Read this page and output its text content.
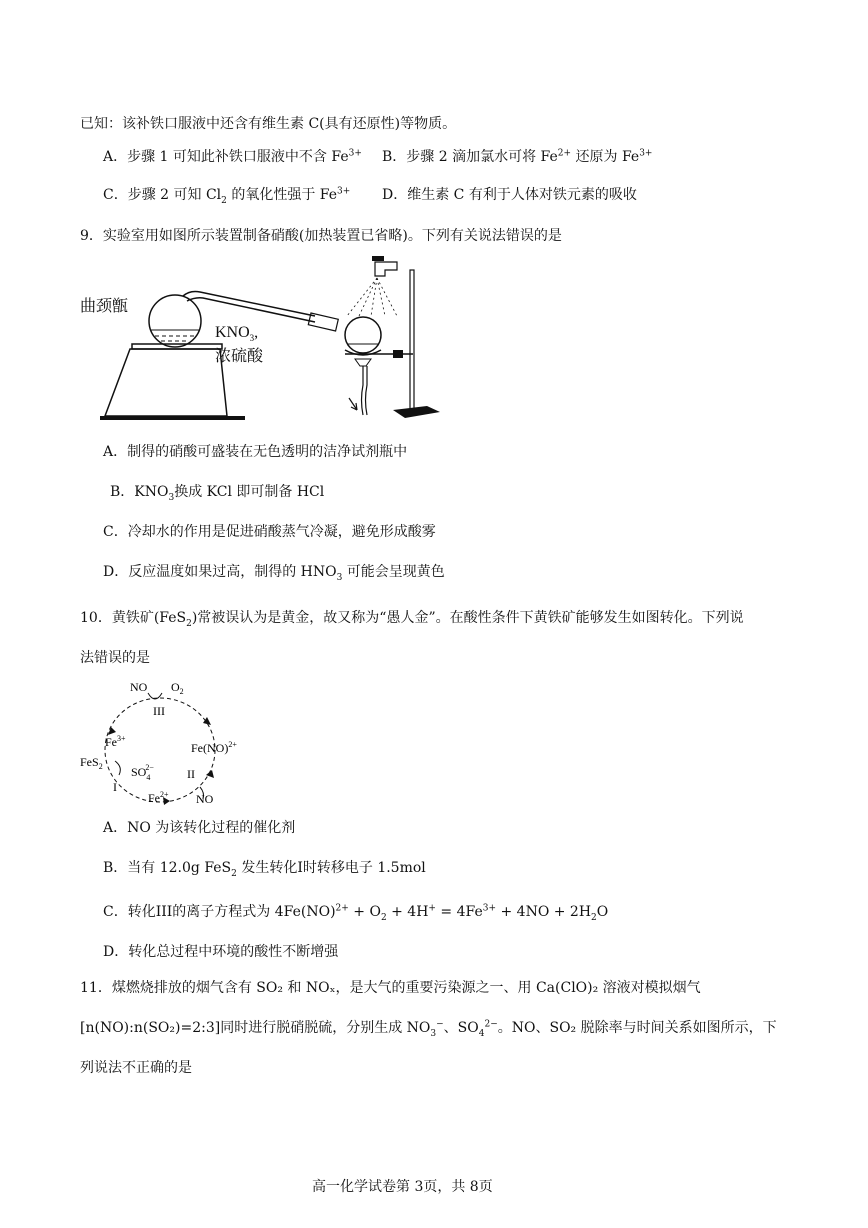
已知：该补铁口服液中还含有维生素 C(具有还原性)等物质。
A．步骤 1 可知此补铁口服液中不含 $Fe^{3+}$ B．步骤 2 滴加氯水可将 $Fe^{2+}$ 还原为 $Fe^{3+}$
C．步骤 2 可知 $Cl_2$ 的氧化性强于 $Fe^{3+}$ D．维生素 C 有利于人体对铁元素的吸收
9．实验室用如图所示装置制备硝酸(加热装置已省略)。下列有关说法错误的是
曲颈甑
$KNO_3$,
浓硫酸
A．制得的硝酸可盛装在无色透明的洁净试剂瓶中
B．$KNO_3$换成 KCl 即可制备 HCl
C．冷却水的作用是促进硝酸蒸气冷凝，避免形成酸雾
D．反应温度如果过高，制得的 $HNO_3$ 可能会呈现黄色
10．黄铁矿(FeS$_2$)常被误认为是黄金，故又称为“愚人金”。在酸性条件下黄铁矿能够发生如图转化。下列说
法错误的是
NO $O_2$
III
$Fe^{3+}$
Fe(NO)$^{2+}$
FeS$_2$ $SO_42-$	II
I
$Fe^{2+}$ NO
A．NO 为该转化过程的催化剂
B．当有 12.0g FeS$_2$ 发生转化I时转移电子 1.5mol
C．转化III的离子方程式为 $4Fe(NO)^{2+} + O_2 + 4H^+ = 4Fe^{3+} + 4NO + 2H_2O$
D．转化总过程中环境的酸性不断增强
11．煤燃烧排放的烟气含有 SO₂ 和 NOₓ，是大气的重要污染源之一、用 Ca(ClO)₂ 溶液对模拟烟气
[n(NO):n(SO₂)=2:3]同时进行脱硝脱硫，分别生成 $NO_3^-$、$SO_4^{2-}$。NO、SO₂ 脱除率与时间关系如图所示，下
列说法不正确的是
高一化学试卷第 3页，共 8页
